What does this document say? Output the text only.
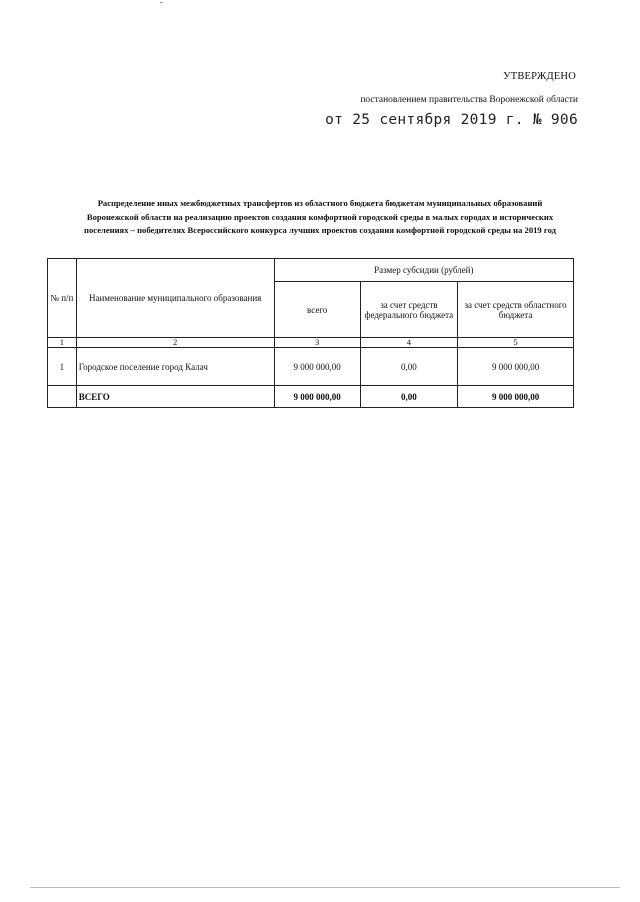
УТВЕРЖДЕНО
постановлением правительства Воронежской области
от 25 сентября 2019 г. № 906
Распределение иных межбюджетных трансфертов из областного бюджета бюджетам муниципальных образований
Воронежской области на реализацию проектов создания комфортной городской среды в малых городах и исторических
поселениях – победителях Всероссийского конкурса лучших проектов создания комфортной городской среды на 2019 год
№ п/п	Наименование муниципального образования	Размер субсидии (рублей)		
		всего	за счет средств федерального бюджета	за счет средств областного бюджета
1	2	3	4	5
1	Городское поселение город Калач	9 000 000,00	0,00	9 000 000,00
	ВСЕГО	9 000 000,00	0,00	9 000 000,00
